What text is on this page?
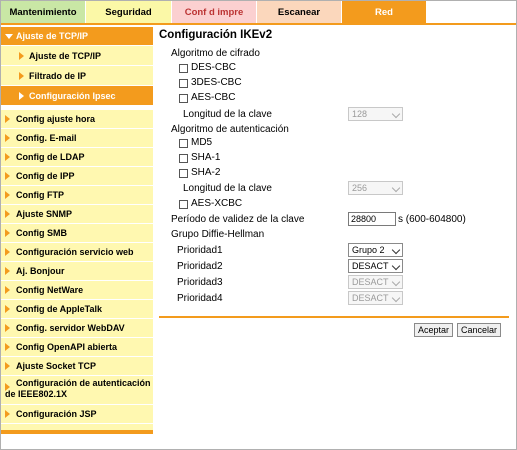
Mantenimiento	Seguridad	Conf d impre	Escanear	Red
Ajuste de TCP/IP
Ajuste de TCP/IP
Filtrado de IP
Configuración Ipsec
Config ajuste hora
Config. E-mail
Config de LDAP
Config de IPP
Config FTP
Ajuste SNMP
Config SMB
Configuración servicio web
Aj. Bonjour
Config NetWare
Config de AppleTalk
Config. servidor WebDAV
Config OpenAPI abierta
Ajuste Socket TCP
Configuración de autenticación de IEEE802.1X
Configuración JSP
Configuración IKEv2
Algoritmo de cifrado
DES-CBC
3DES-CBC
AES-CBC
Longitud de la clave	128
Algoritmo de autenticación
MD5
SHA-1
SHA-2
Longitud de la clave	256
AES-XCBC
Período de validez de la clave	28800	s (600-604800)
Grupo Diffie-Hellman
Prioridad1	Grupo 2
Prioridad2	DESACT
Prioridad3	DESACT
Prioridad4	DESACT
Aceptar	Cancelar
